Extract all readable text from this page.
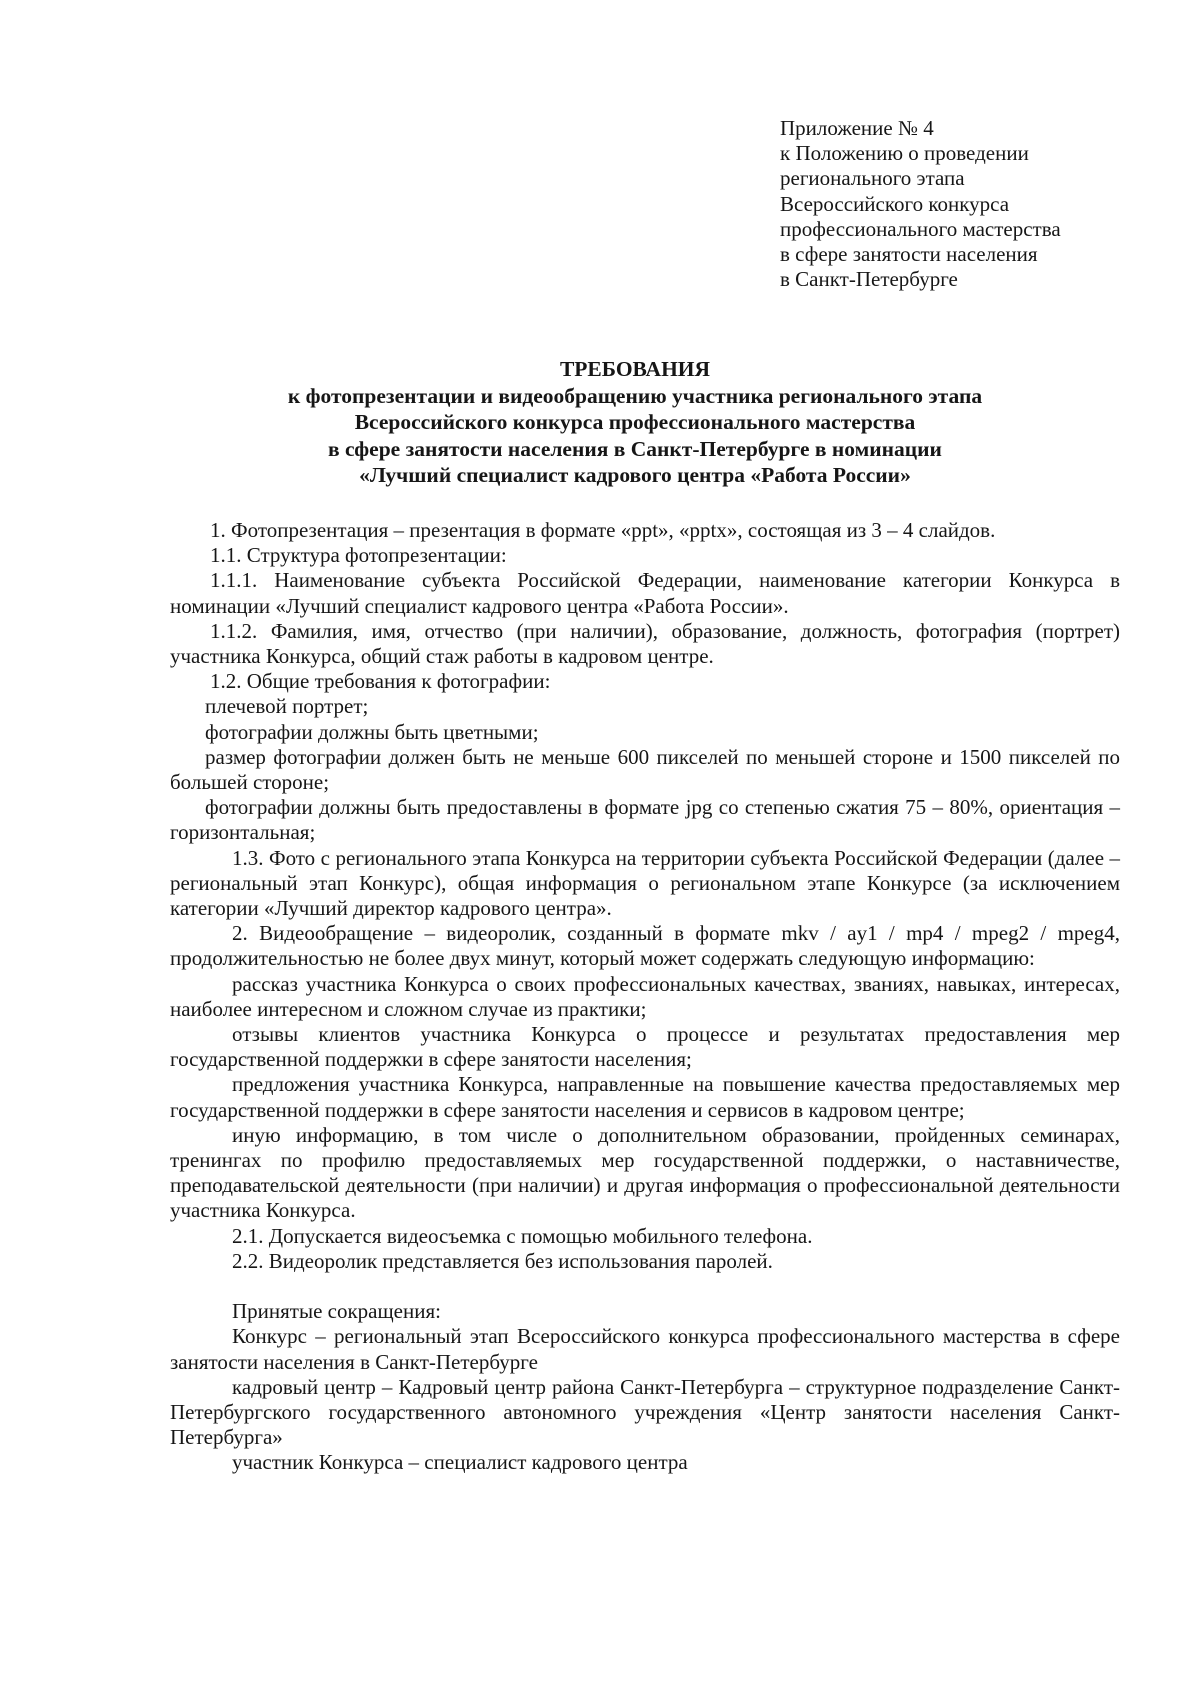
Приложение № 4
к Положению о проведении
регионального этапа
Всероссийского конкурса
профессионального мастерства
в сфере занятости населения
в Санкт-Петербурге
ТРЕБОВАНИЯ
к фотопрезентации и видеообращению участника регионального этапа
Всероссийского конкурса профессионального мастерства
в сфере занятости населения в Санкт-Петербурге в номинации
«Лучший специалист кадрового центра «Работа России»

1. Фотопрезентация – презентация в формате «ppt», «pptx», состоящая из 3 – 4 слайдов.

1.1. Структура фотопрезентации:

1.1.1. Наименование субъекта Российской Федерации, наименование категории Конкурса в номинации «Лучший специалист кадрового центра «Работа России».

1.1.2. Фамилия, имя, отчество (при наличии), образование, должность, фотография (портрет) участника Конкурса, общий стаж работы в кадровом центре.

1.2. Общие требования к фотографии:

плечевой портрет;

фотографии должны быть цветными;

размер фотографии должен быть не меньше 600 пикселей по меньшей стороне и 1500 пикселей по большей стороне;

фотографии должны быть предоставлены в формате jpg со степенью сжатия 75 – 80%, ориентация – горизонтальная;

1.3. Фото с регионального этапа Конкурса на территории субъекта Российской Федерации (далее – региональный этап Конкурс), общая информация о региональном этапе Конкурсе (за исключением категории «Лучший директор кадрового центра».

2. Видеообращение – видеоролик, созданный в формате mkv / ay1 / mp4 / mpeg2 / mpeg4, продолжительностью не более двух минут, который может содержать следующую информацию:

рассказ участника Конкурса о своих профессиональных качествах, званиях, навыках, интересах, наиболее интересном и сложном случае из практики;

отзывы клиентов участника Конкурса о процессе и результатах предоставления мер государственной поддержки в сфере занятости населения;

предложения участника Конкурса, направленные на повышение качества предоставляемых мер государственной поддержки в сфере занятости населения и сервисов в кадровом центре;

иную информацию, в том числе о дополнительном образовании, пройденных семинарах, тренингах по профилю предоставляемых мер государственной поддержки, о наставничестве, преподавательской деятельности (при наличии) и другая информация о профессиональной деятельности участника Конкурса.

2.1. Допускается видеосъемка с помощью мобильного телефона.

2.2. Видеоролик представляется без использования паролей.

Принятые сокращения:

Конкурс – региональный этап Всероссийского конкурса профессионального мастерства в сфере занятости населения в Санкт-Петербурге

кадровый центр – Кадровый центр района Санкт-Петербурга – структурное подразделение Санкт-Петербургского государственного автономного учреждения «Центр занятости населения Санкт-Петербурга»

участник Конкурса – специалист кадрового центра
